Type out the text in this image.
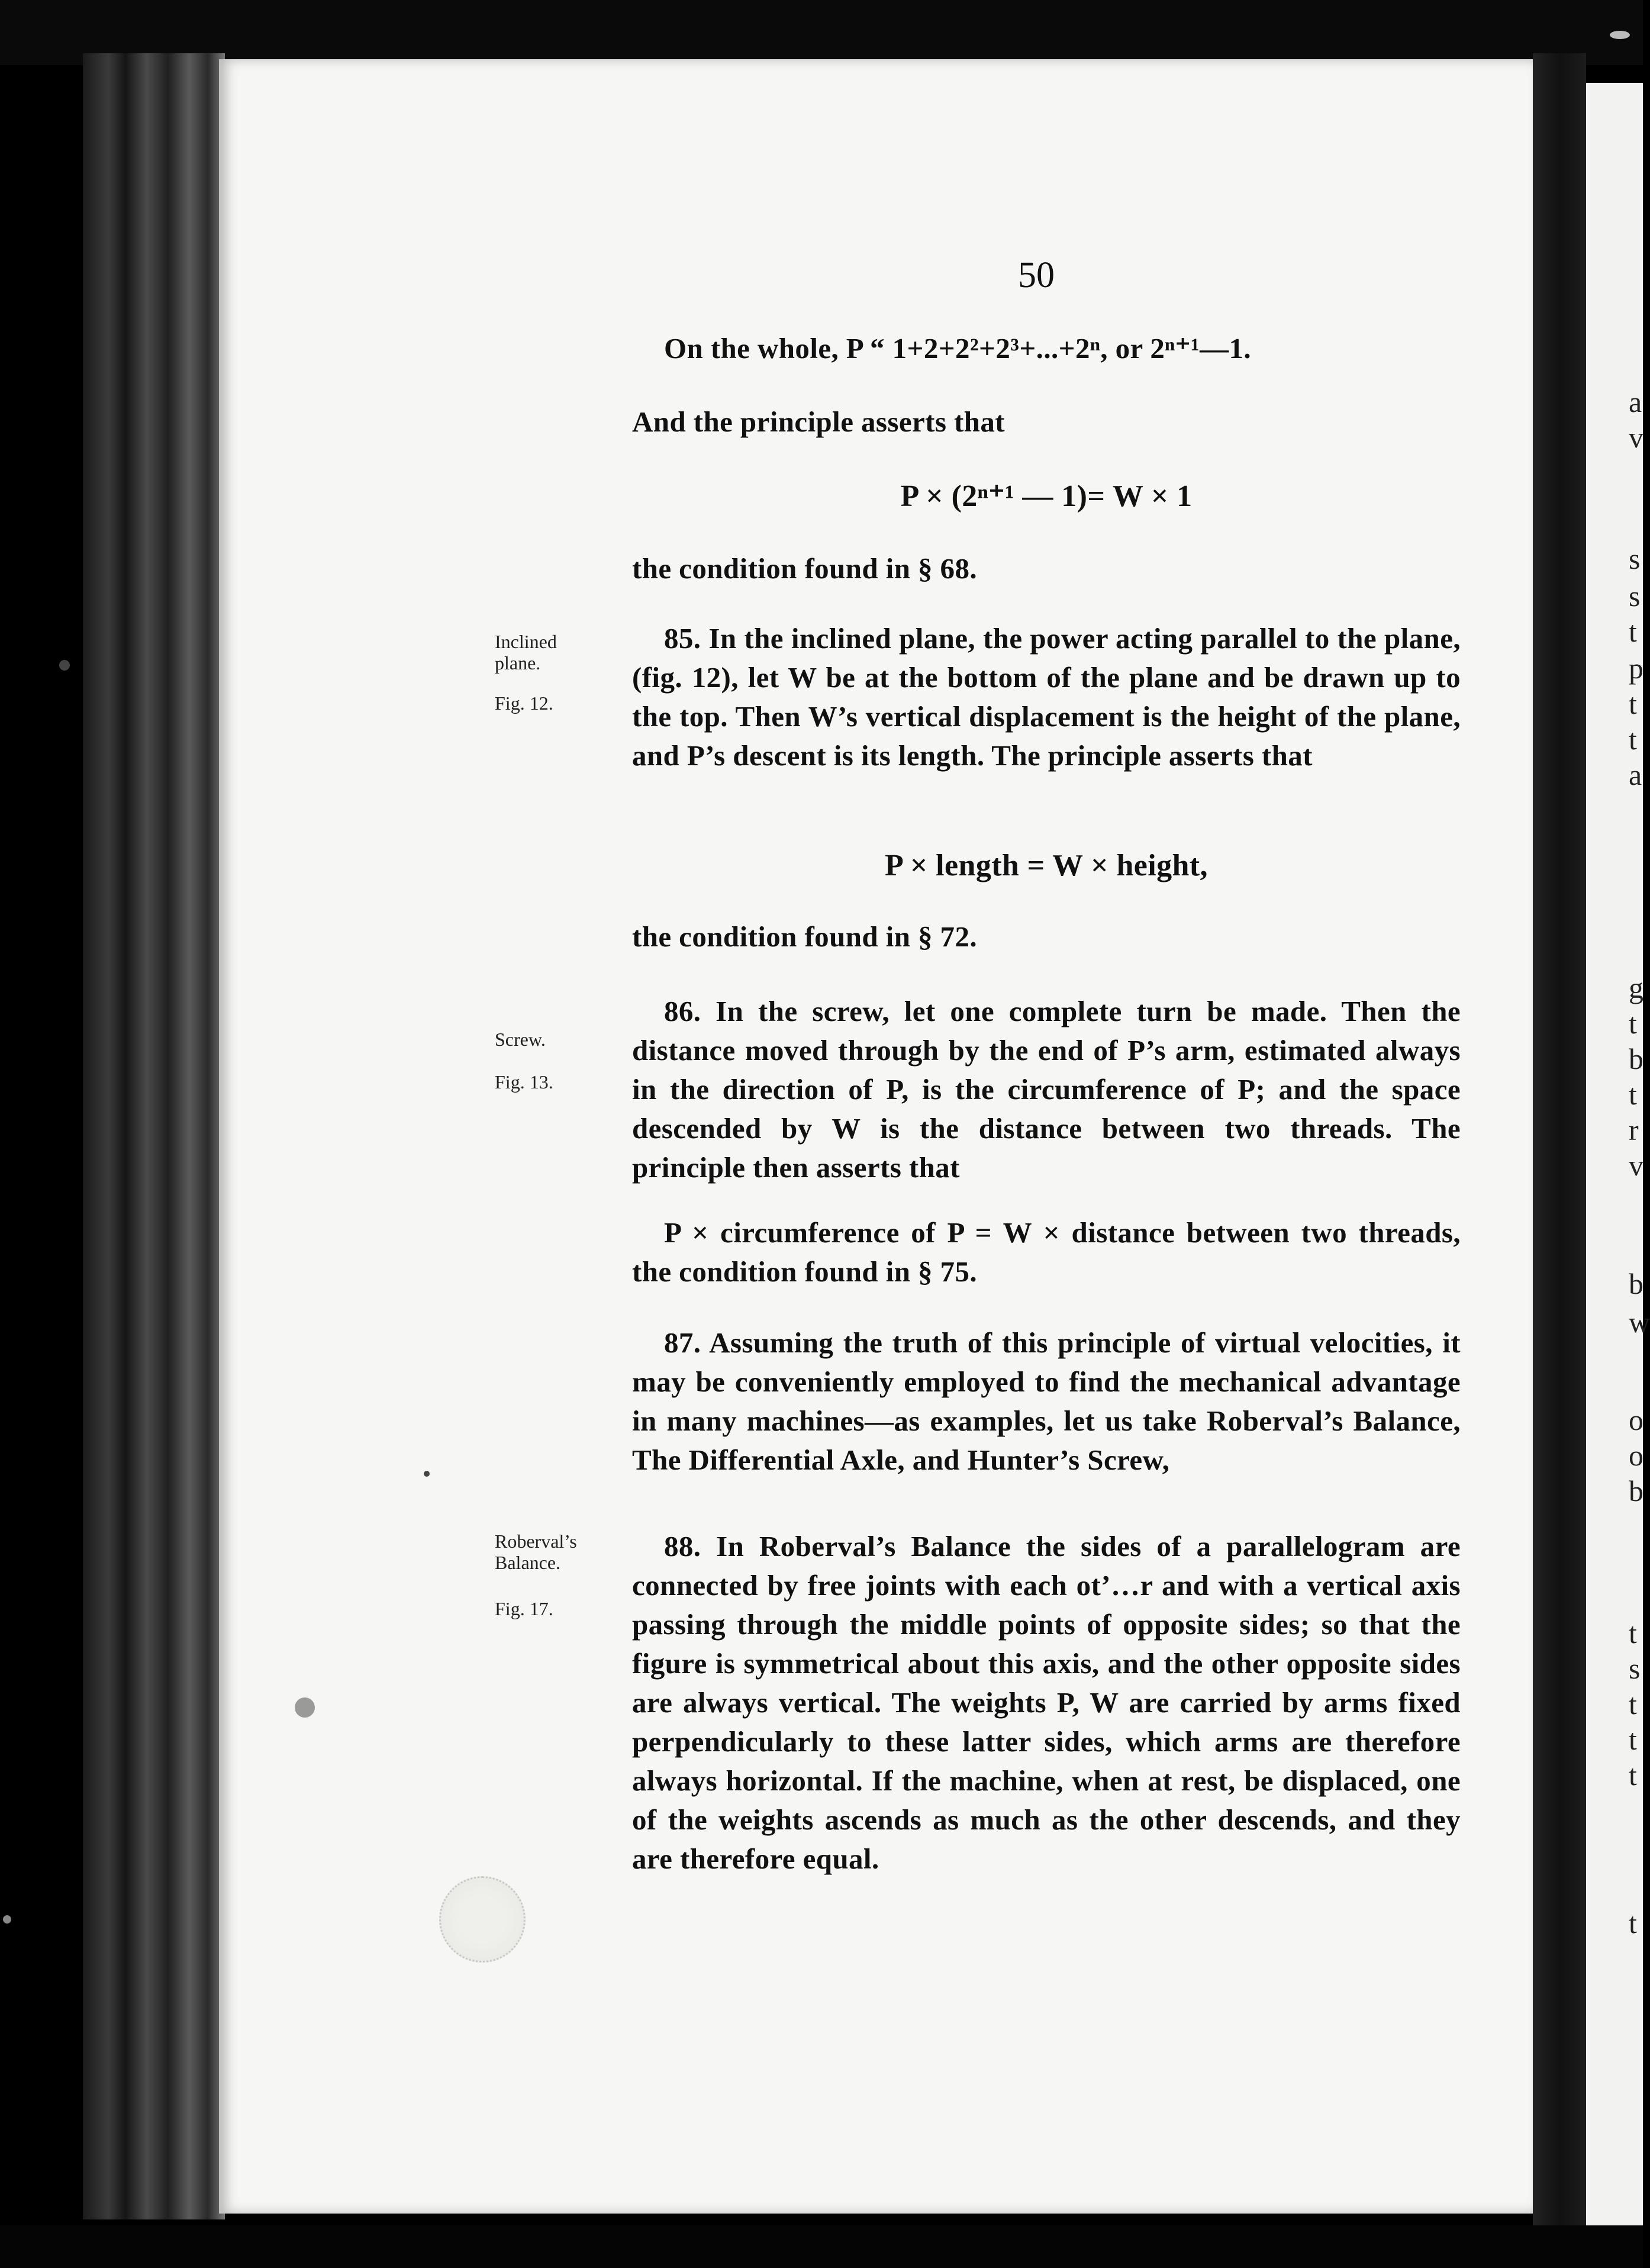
a
v
s
s
t
p
t
t
a
g
t
b
t
r
v
b
w
o
o
b
t
s
t
t
t
t
50
On the whole, P “ 1+2+2²+2³+...+2ⁿ, or 2ⁿ⁺¹—1.
And the principle asserts that
P × (2ⁿ⁺¹ — 1)= W × 1
the condition found in § 68.
85. In the inclined plane, the power acting parallel to the plane, (fig. 12), let W be at the bottom of the plane and be drawn up to the top. Then W’s vertical displacement is the height of the plane, and P’s descent is its length. The principle asserts that
P × length = W × height,
the condition found in § 72.
86. In the screw, let one complete turn be made. Then the distance moved through by the end of P’s arm, estimated always in the direction of P, is the circumference of P; and the space descended by W is the distance between two threads. The principle then asserts that
P × circumference of P = W × distance between two threads, the condition found in § 75.
87. Assuming the truth of this principle of virtual velocities, it may be conveniently employed to find the mechanical advantage in many machines—as examples, let us take Roberval’s Balance, The Differential Axle, and Hunter’s Screw,
88. In Roberval’s Balance the sides of a parallelogram are connected by free joints with each ot’…r and with a vertical axis passing through the middle points of opposite sides; so that the figure is symmetrical about this axis, and the other opposite sides are always vertical. The weights P, W are carried by arms fixed perpendicularly to these latter sides, which arms are therefore always horizontal. If the machine, when at rest, be displaced, one of the weights ascends as much as the other descends, and they are therefore equal.
Inclined plane.
Fig. 12.
Screw.
Fig. 13.
Roberval’s Balance.
Fig. 17.
